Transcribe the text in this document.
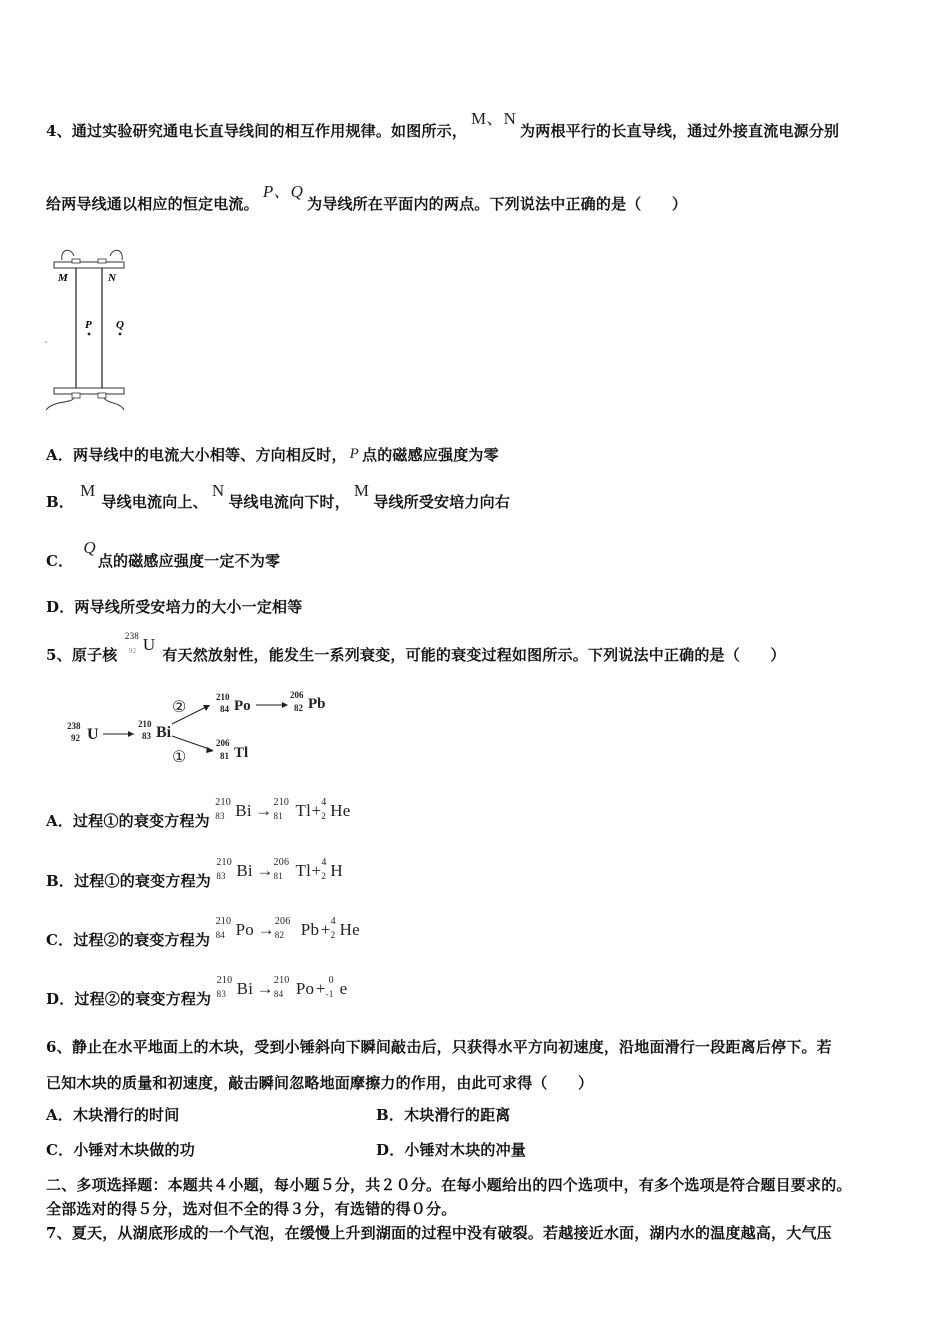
4、通过实验研究通电长直导线间的相互作用规律。如图所示，M、N为两根平行的长直导线，通过外接直流电源分别
给两导线通以相应的恒定电流。P、Q为导线所在平面内的两点。下列说法中正确的是（　　）
M	N
P Q
A．两导线中的电流大小相等、方向相反时， P 点的磁感应强度为零
B．M导线电流向上、N导线电流向下时，M导线所受安培力向右
C．Q点的磁感应强度一定不为零
D．两导线所受安培力的大小一定相等
5、原子核
238
92 U
有天然放射性，能发生一系列衰变，可能的衰变过程如图所示。下列说法中正确的是（　　）
238
92 U
210
83 Bi
②
①
210
84 Po
206
82 Pb
206
81 Tl
A．过程①的衰变方程为
210
83 Bi → 210
81 Tl + 4
2 He
B．过程①的衰变方程为
210
83 Bi → 206
81 Tl + 4
2 H
C．过程②的衰变方程为
210
84 Po → 206
82 Pb + 4
2 He
D．过程②的衰变方程为
210
83 Bi → 210
84 Po + 0
-1 e
6、静止在水平地面上的木块，受到小锤斜向下瞬间敲击后，只获得水平方向初速度，沿地面滑行一段距离后停下。若
已知木块的质量和初速度，敲击瞬间忽略地面摩擦力的作用，由此可求得（　　）
A．木块滑行的时间	B．木块滑行的距离
C．小锤对木块做的功	D．小锤对木块的冲量
二、多项选择题：本题共４小题，每小题５分，共２０分。在每小题给出的四个选项中，有多个选项是符合题目要求的。
全部选对的得５分，选对但不全的得３分，有选错的得０分。
7、夏天，从湖底形成的一个气泡，在缓慢上升到湖面的过程中没有破裂。若越接近水面，湖内水的温度越高，大气压
